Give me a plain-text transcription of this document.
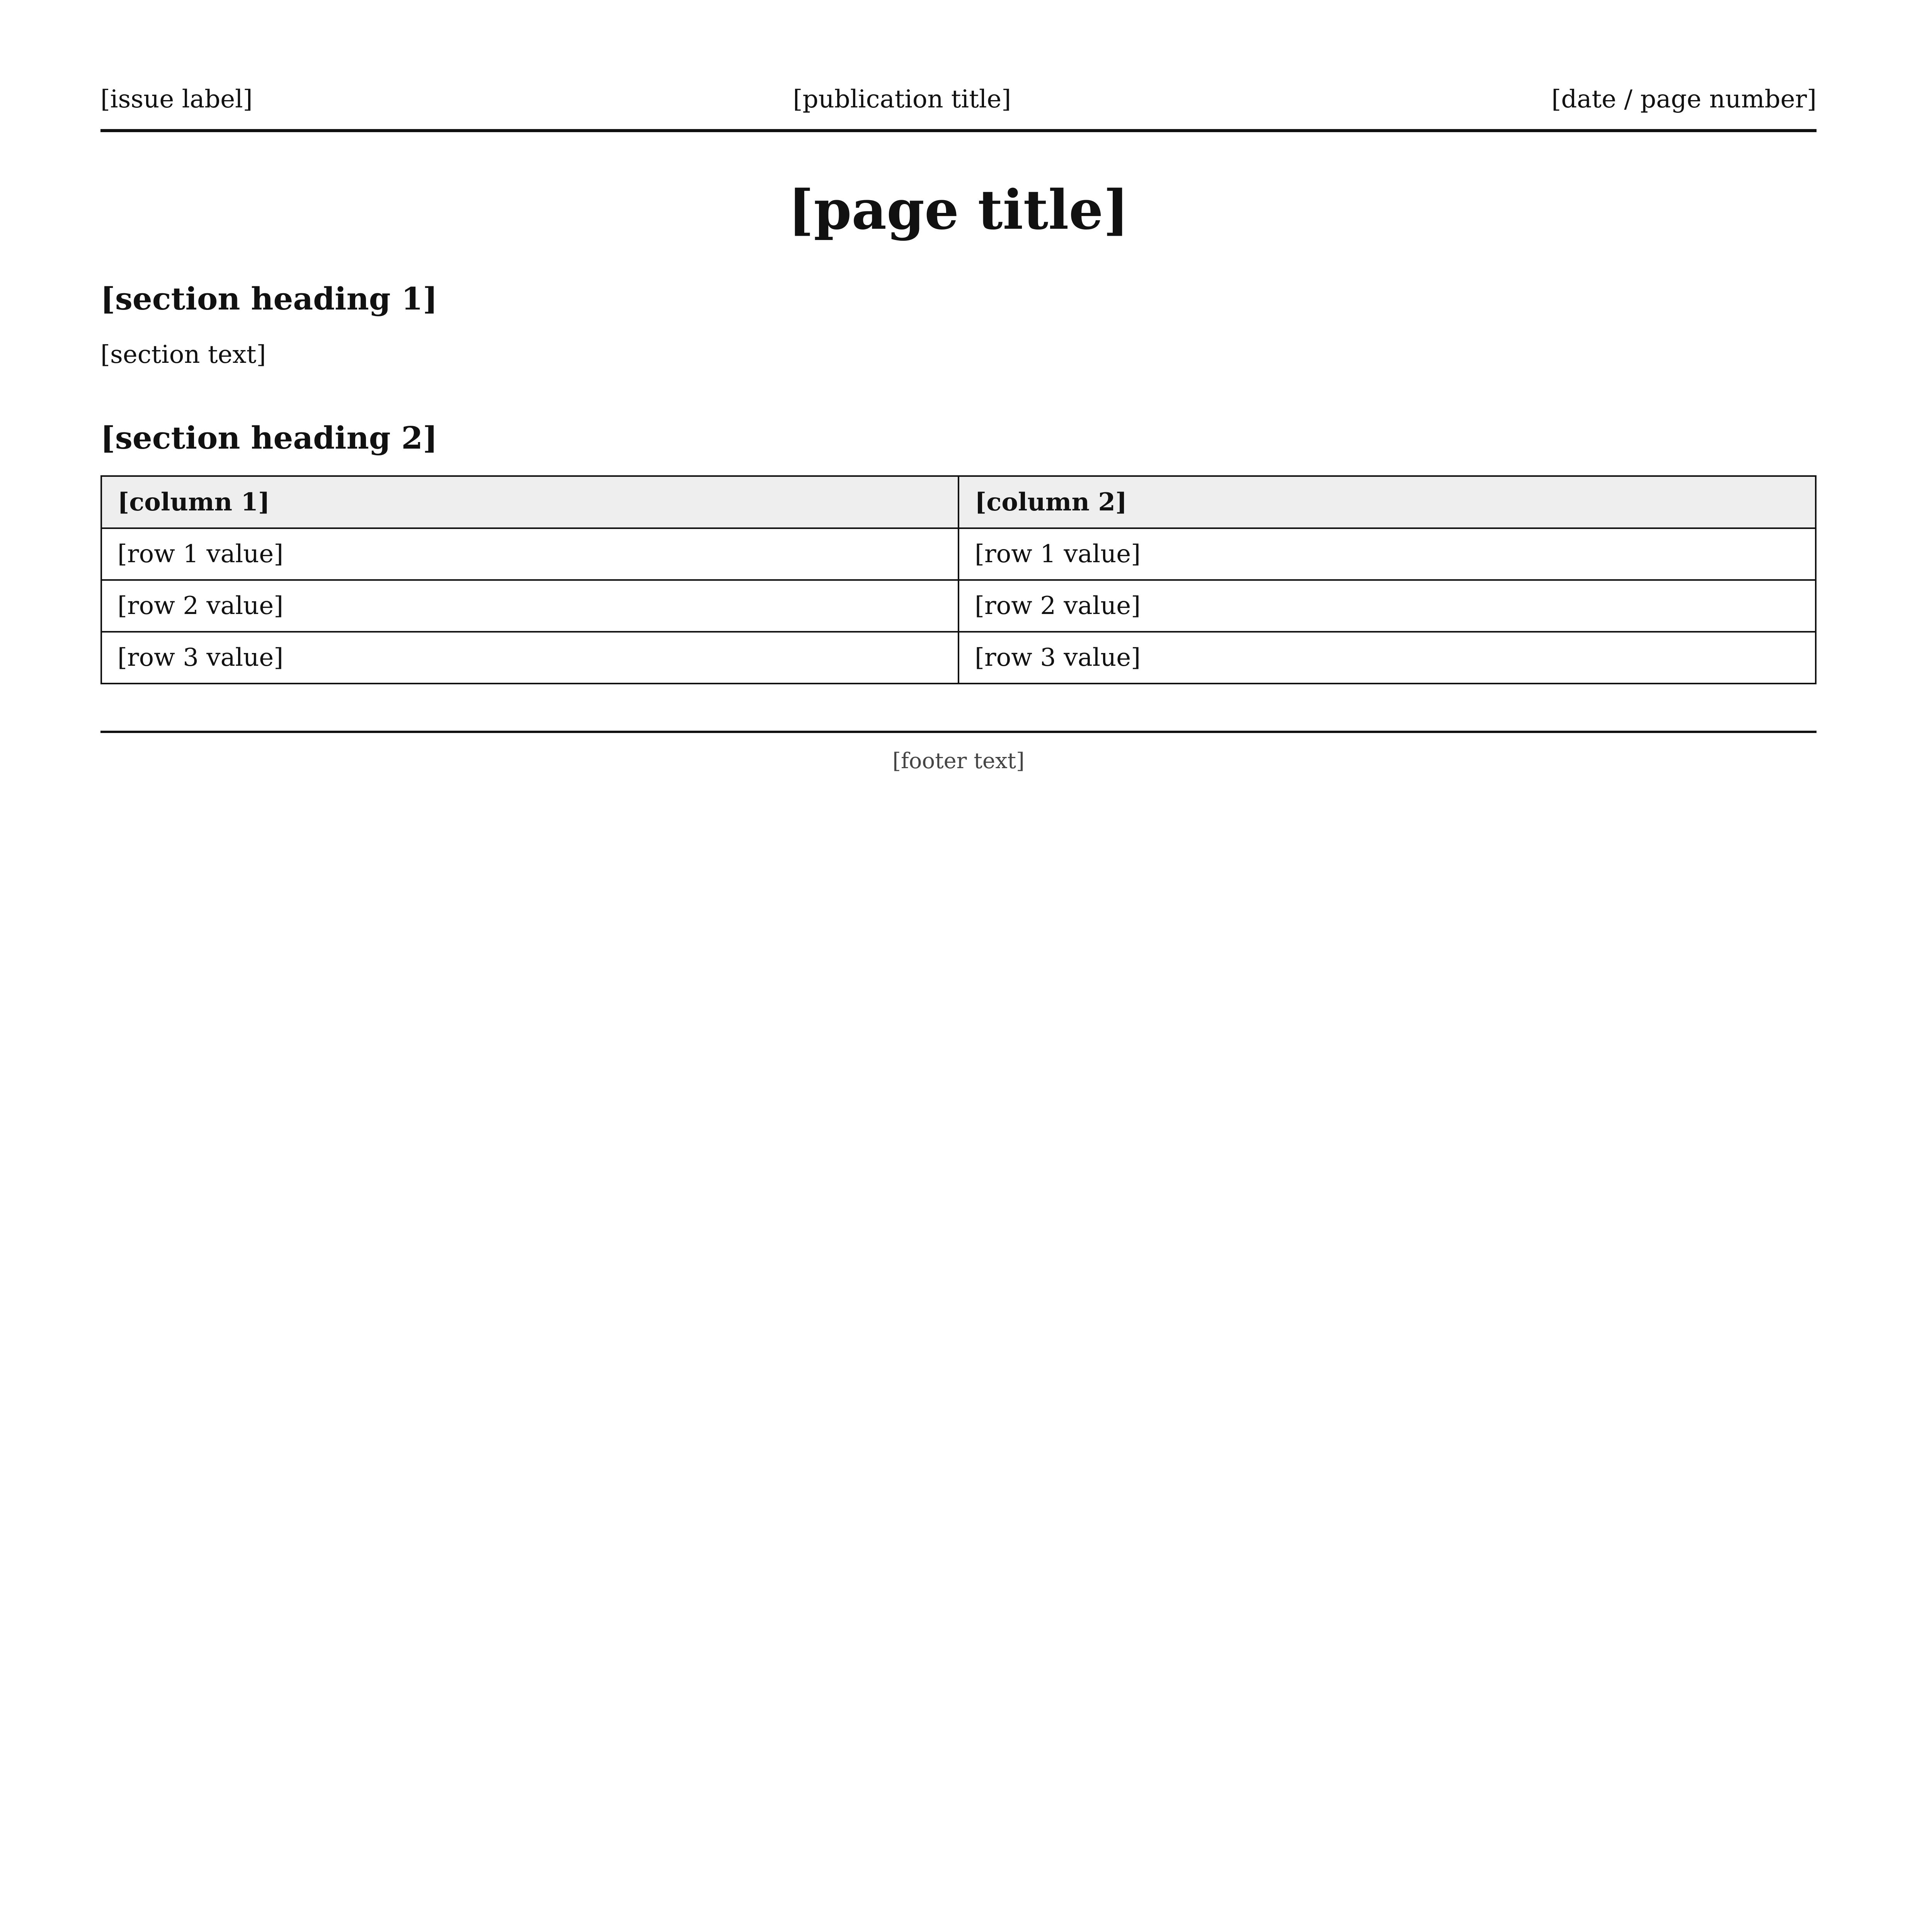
[issue label]	[publication title]	[date / page number]
[page title]
[section heading 1]

[section text]

[section heading 2]
[column 1]	[column 2]
[row 1 value]	[row 1 value]
[row 2 value]	[row 2 value]
[row 3 value]	[row 3 value]
[footer text]
